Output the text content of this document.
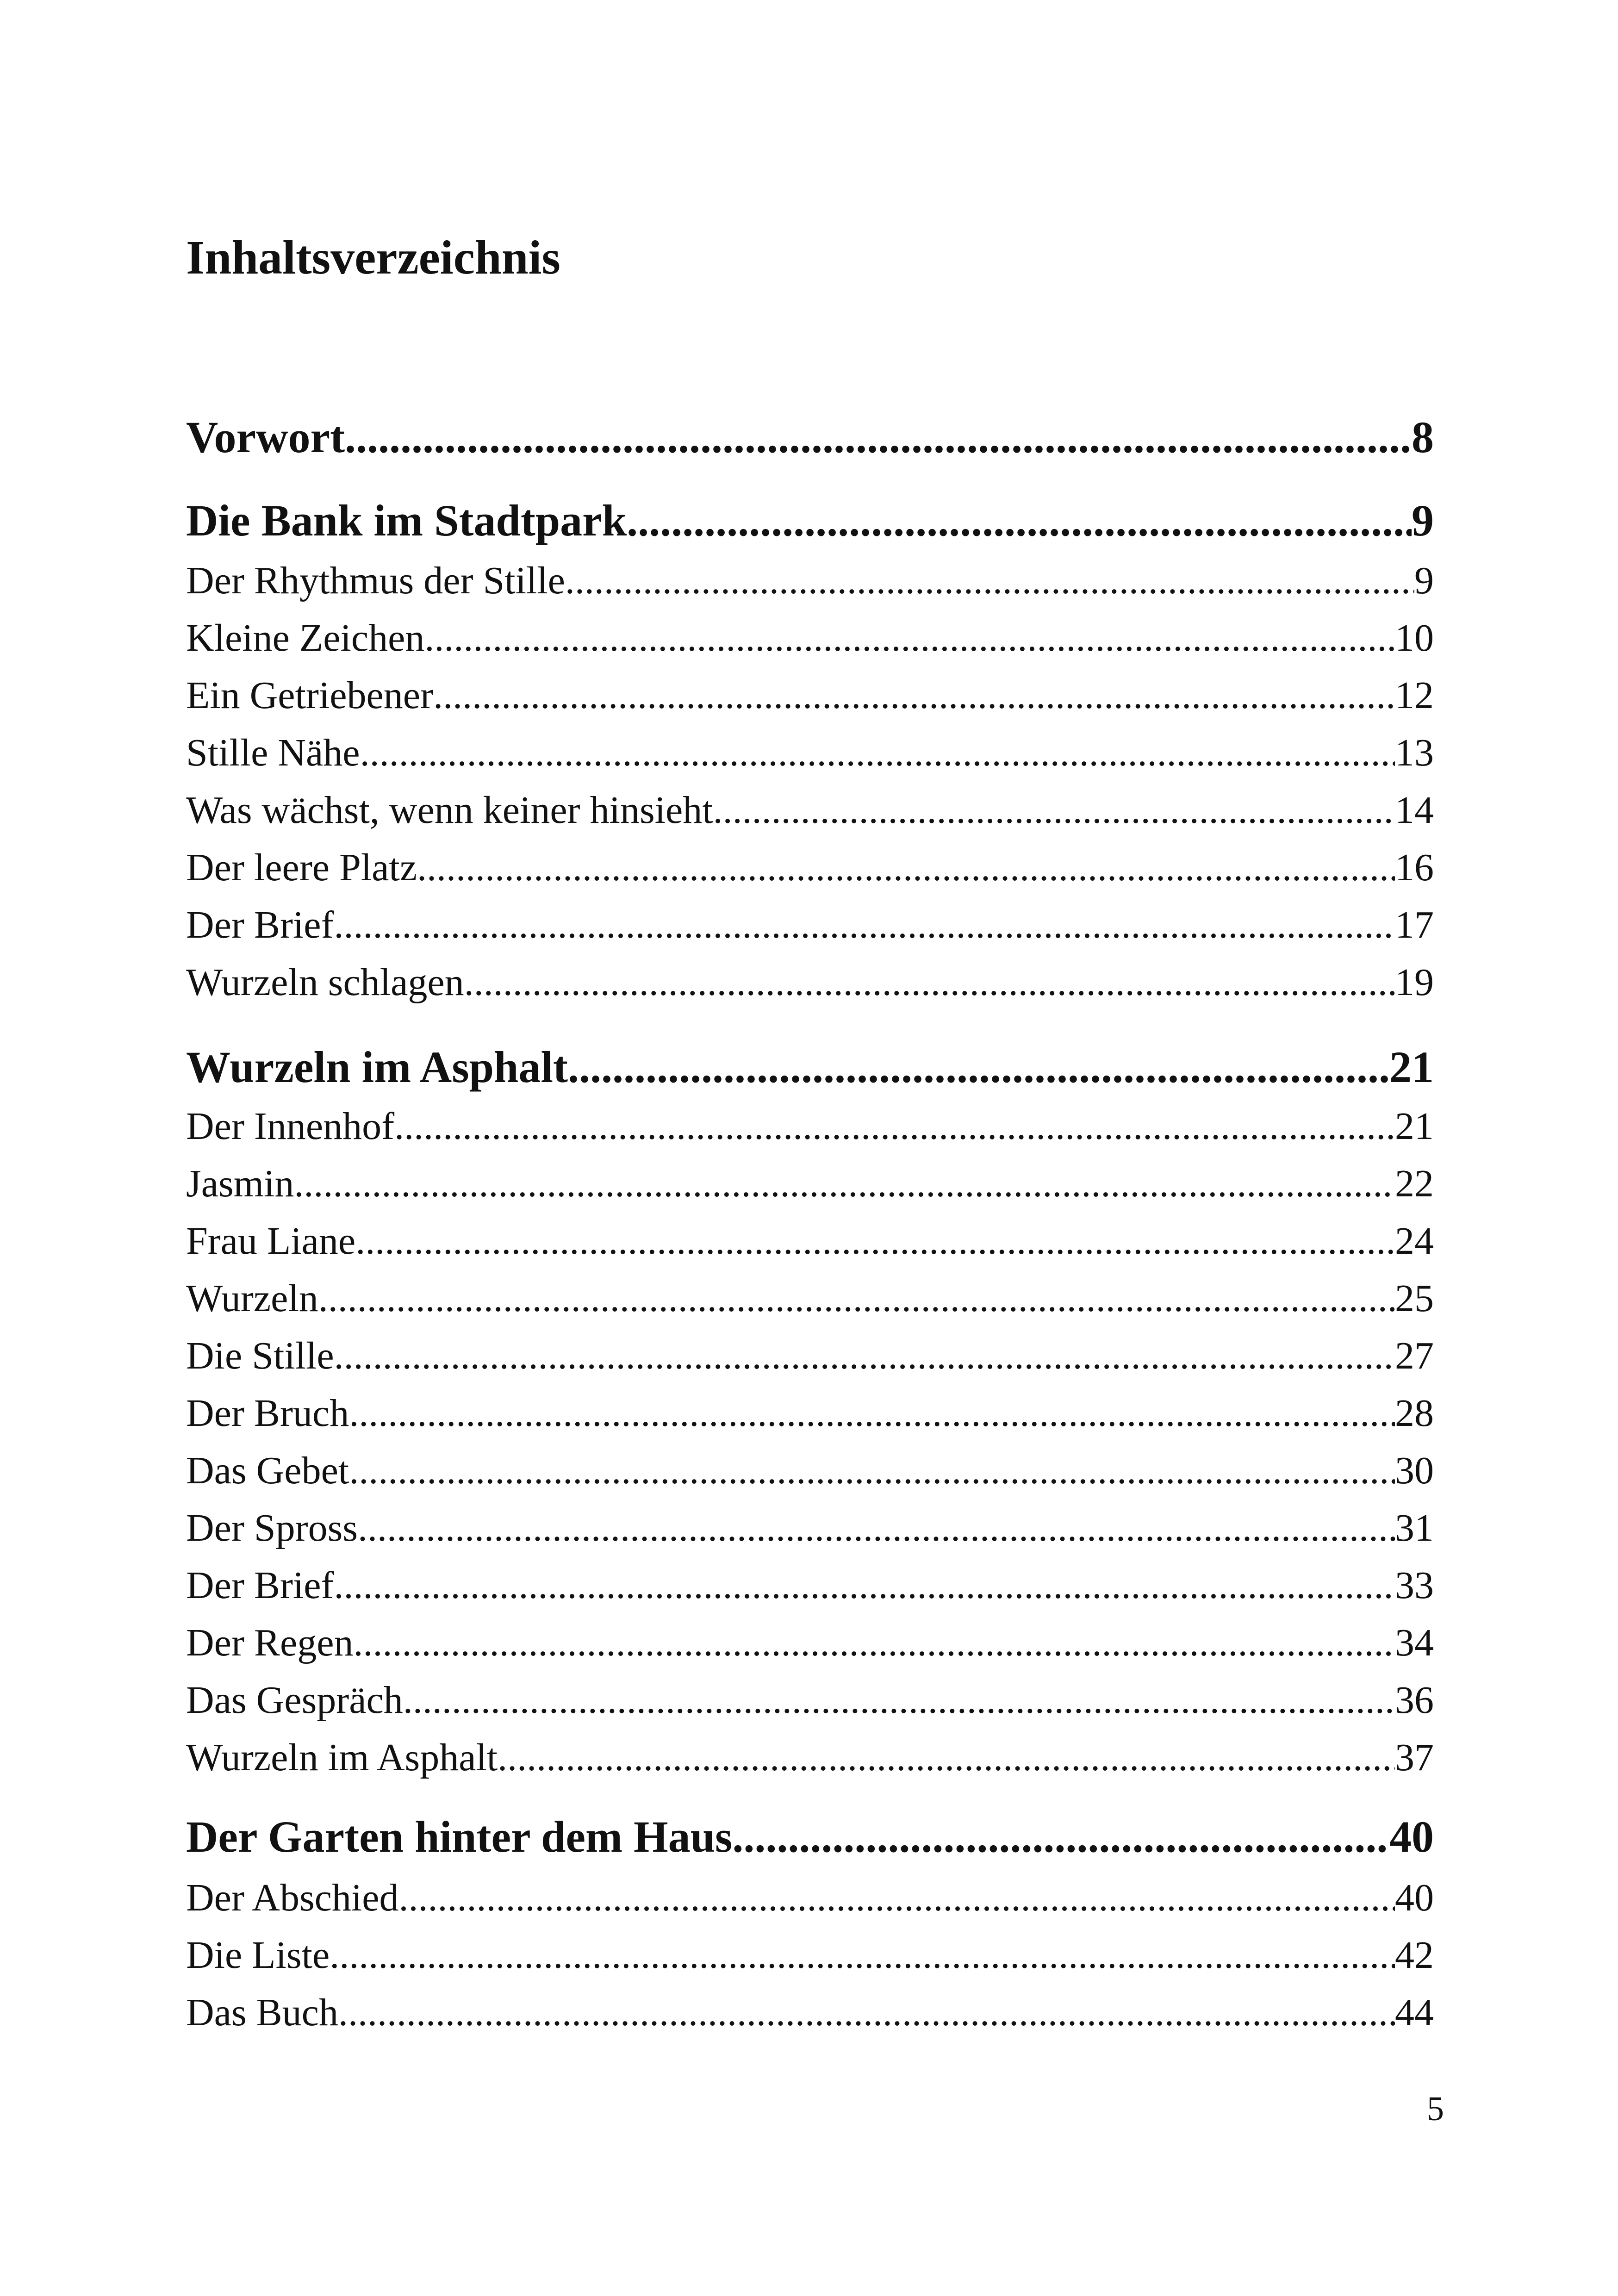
Inhaltsverzeichnis
Vorwort .....	8
Die Bank im Stadtpark .....	9
Der Rhythmus der Stille .....	9
Kleine Zeichen .....	10
Ein Getriebener .....	12
Stille Nähe .....	13
Was wächst, wenn keiner hinsieht .....	14
Der leere Platz .....	16
Der Brief .....	17
Wurzeln schlagen .....	19
Wurzeln im Asphalt .....	21
Der Innenhof .....	21
Jasmin .....	22
Frau Liane .....	24
Wurzeln .....	25
Die Stille .....	27
Der Bruch .....	28
Das Gebet .....	30
Der Spross .....	31
Der Brief .....	33
Der Regen .....	34
Das Gespräch .....	36
Wurzeln im Asphalt .....	37
Der Garten hinter dem Haus .....	40
Der Abschied .....	40
Die Liste .....	42
Das Buch .....	44
5
